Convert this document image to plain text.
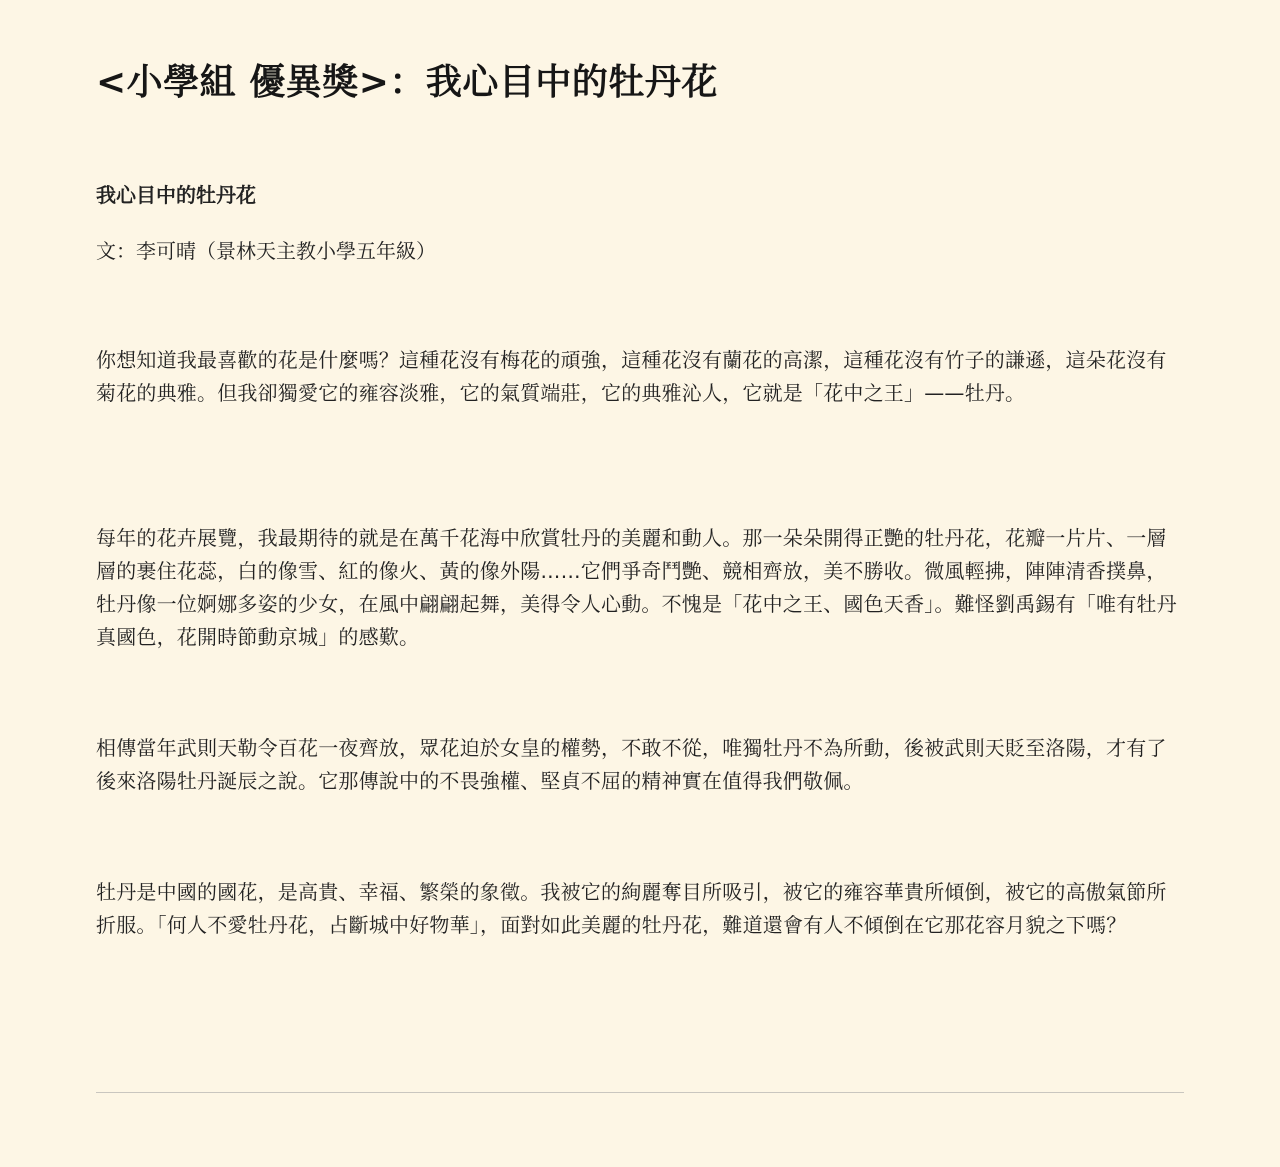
<小學組 優異獎>：我心目中的牡丹花

我心目中的牡丹花

文：李可晴（景林天主教小學五年級）

你想知道我最喜歡的花是什麼嗎？這種花沒有梅花的頑強，這種花沒有蘭花的高潔，這種花沒有竹子的謙遜，這朵花沒有菊花的典雅。但我卻獨愛它的雍容淡雅，它的氣質端莊，它的典雅沁人，它就是「花中之王」——牡丹。

每年的花卉展覽，我最期待的就是在萬千花海中欣賞牡丹的美麗和動人。那一朵朵開得正艷的牡丹花，花瓣一片片、一層層的裹住花蕊，白的像雪、紅的像火、黃的像外陽……它們爭奇鬥艷、競相齊放，美不勝收。微風輕拂，陣陣清香撲鼻，牡丹像一位婀娜多姿的少女，在風中翩翩起舞，美得令人心動。不愧是「花中之王、國色天香」。難怪劉禹錫有「唯有牡丹真國色，花開時節動京城」的感歎。

相傳當年武則天勒令百花一夜齊放，眾花迫於女皇的權勢，不敢不從，唯獨牡丹不為所動，後被武則天貶至洛陽，才有了後來洛陽牡丹誕辰之說。它那傳說中的不畏強權、堅貞不屈的精神實在值得我們敬佩。

牡丹是中國的國花，是高貴、幸福、繁榮的象徵。我被它的絢麗奪目所吸引，被它的雍容華貴所傾倒，被它的高傲氣節所折服。「何人不愛牡丹花，占斷城中好物華」，面對如此美麗的牡丹花，難道還會有人不傾倒在它那花容月貌之下嗎？
